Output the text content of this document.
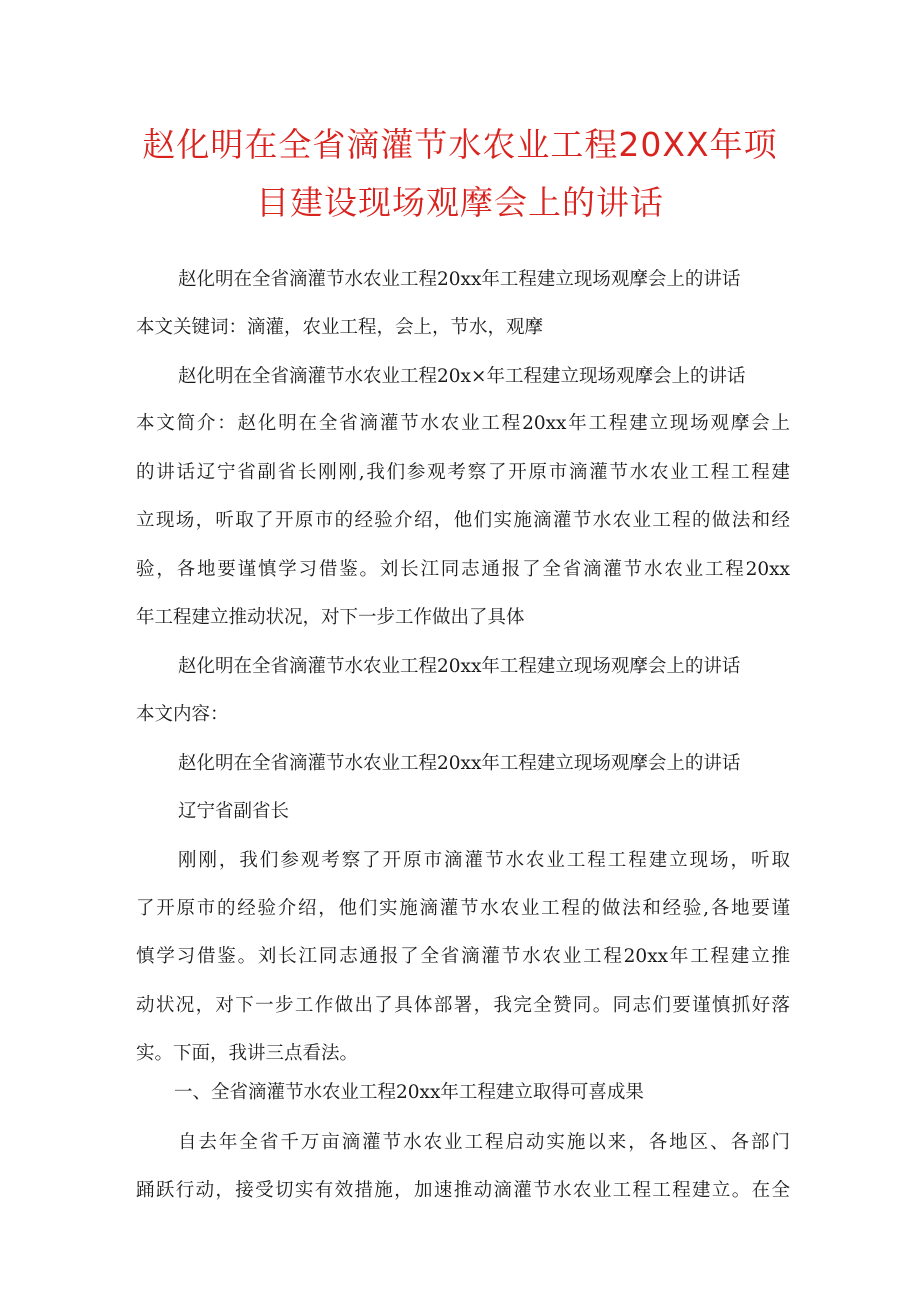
赵化明在全省滴灌节水农业工程20XX年项
目建设现场观摩会上的讲话
赵化明在全省滴灌节水农业工程20xx年工程建立现场观摩会上的讲话
本文关键词：滴灌，农业工程，会上，节水，观摩
赵化明在全省滴灌节水农业工程20x×年工程建立现场观摩会上的讲话
本文简介：赵化明在全省滴灌节水农业工程20xx年工程建立现场观摩会上
的讲话辽宁省副省长刚刚,我们参观考察了开原市滴灌节水农业工程工程建
立现场，听取了开原市的经验介绍，他们实施滴灌节水农业工程的做法和经
验，各地要谨慎学习借鉴。刘长江同志通报了全省滴灌节水农业工程20xx
年工程建立推动状况，对下一步工作做出了具体
赵化明在全省滴灌节水农业工程20xx年工程建立现场观摩会上的讲话
本文内容：
赵化明在全省滴灌节水农业工程20xx年工程建立现场观摩会上的讲话
辽宁省副省长
刚刚，我们参观考察了开原市滴灌节水农业工程工程建立现场，听取
了开原市的经验介绍，他们实施滴灌节水农业工程的做法和经验,各地要谨
慎学习借鉴。刘长江同志通报了全省滴灌节水农业工程20xx年工程建立推
动状况，对下一步工作做出了具体部署，我完全赞同。同志们要谨慎抓好落
实。下面，我讲三点看法。
一、全省滴灌节水农业工程20xx年工程建立取得可喜成果
自去年全省千万亩滴灌节水农业工程启动实施以来，各地区、各部门
踊跃行动，接受切实有效措施，加速推动滴灌节水农业工程工程建立。在全
